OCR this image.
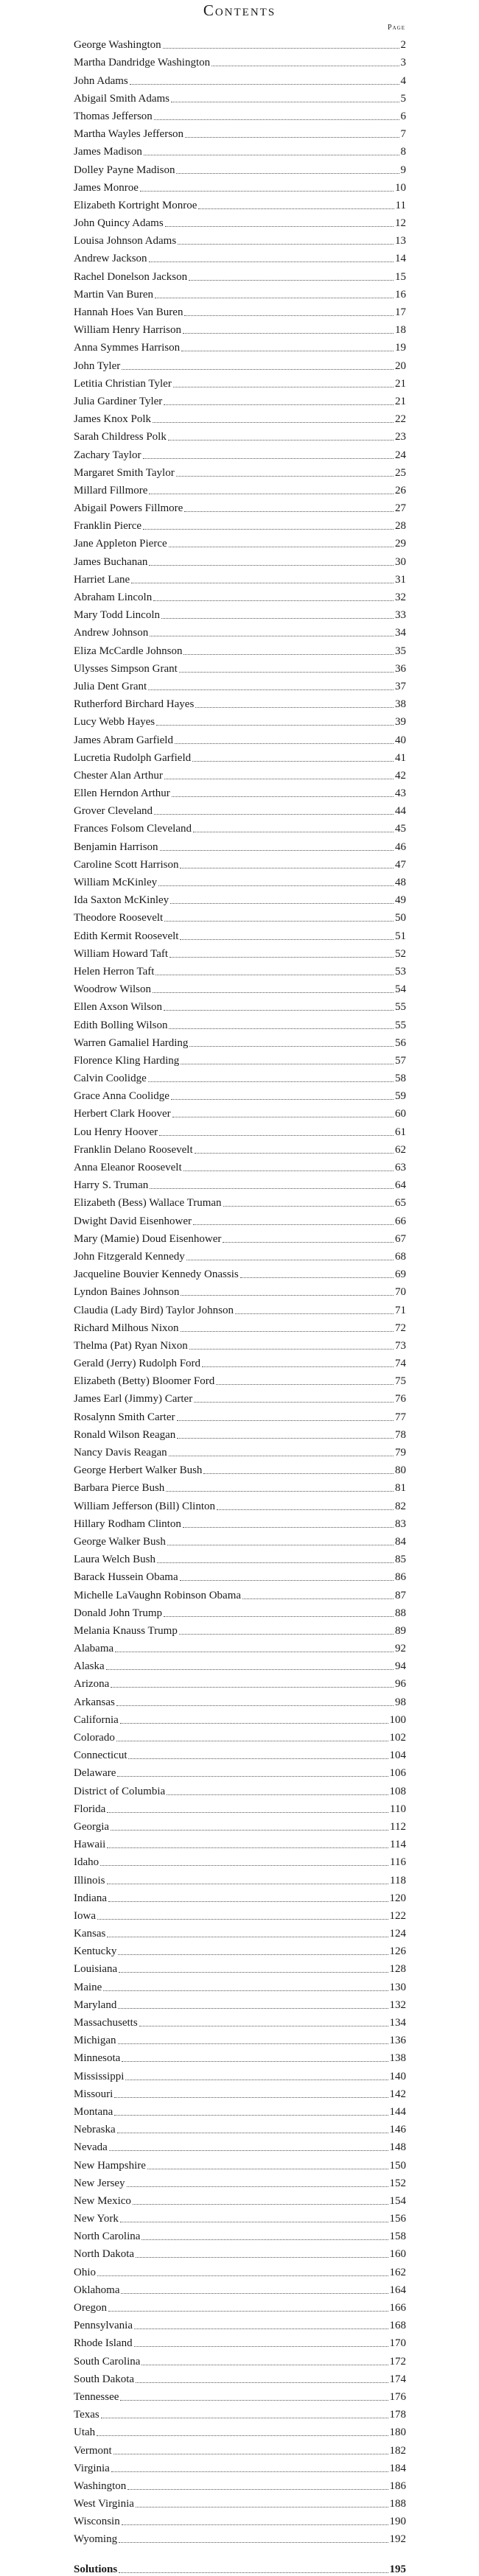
Contents
Page
George Washington	2
Martha Dandridge Washington	3
John Adams	4
Abigail Smith Adams	5
Thomas Jefferson	6
Martha Wayles Jefferson	7
James Madison	8
Dolley Payne Madison	9
James Monroe	10
Elizabeth Kortright Monroe	11
John Quincy Adams	12
Louisa Johnson Adams	13
Andrew Jackson	14
Rachel Donelson Jackson	15
Martin Van Buren	16
Hannah Hoes Van Buren	17
William Henry Harrison	18
Anna Symmes Harrison	19
John Tyler	20
Letitia Christian Tyler	21
Julia Gardiner Tyler	21
James Knox Polk	22
Sarah Childress Polk	23
Zachary Taylor	24
Margaret Smith Taylor	25
Millard Fillmore	26
Abigail Powers Fillmore	27
Franklin Pierce	28
Jane Appleton Pierce	29
James Buchanan	30
Harriet Lane	31
Abraham Lincoln	32
Mary Todd Lincoln	33
Andrew Johnson	34
Eliza McCardle Johnson	35
Ulysses Simpson Grant	36
Julia Dent Grant	37
Rutherford Birchard Hayes	38
Lucy Webb Hayes	39
James Abram Garfield	40
Lucretia Rudolph Garfield	41
Chester Alan Arthur	42
Ellen Herndon Arthur	43
Grover Cleveland	44
Frances Folsom Cleveland	45
Benjamin Harrison	46
Caroline Scott Harrison	47
William McKinley	48
Ida Saxton McKinley	49
Theodore Roosevelt	50
Edith Kermit Roosevelt	51
William Howard Taft	52
Helen Herron Taft	53
Woodrow Wilson	54
Ellen Axson Wilson	55
Edith Bolling Wilson	55
Warren Gamaliel Harding	56
Florence Kling Harding	57
Calvin Coolidge	58
Grace Anna Coolidge	59
Herbert Clark Hoover	60
Lou Henry Hoover	61
Franklin Delano Roosevelt	62
Anna Eleanor Roosevelt	63
Harry S. Truman	64
Elizabeth (Bess) Wallace Truman	65
Dwight David Eisenhower	66
Mary (Mamie) Doud Eisenhower	67
John Fitzgerald Kennedy	68
Jacqueline Bouvier Kennedy Onassis	69
Lyndon Baines Johnson	70
Claudia (Lady Bird) Taylor Johnson	71
Richard Milhous Nixon	72
Thelma (Pat) Ryan Nixon	73
Gerald (Jerry) Rudolph Ford	74
Elizabeth (Betty) Bloomer Ford	75
James Earl (Jimmy) Carter	76
Rosalynn Smith Carter	77
Ronald Wilson Reagan	78
Nancy Davis Reagan	79
George Herbert Walker Bush	80
Barbara Pierce Bush	81
William Jefferson (Bill) Clinton	82
Hillary Rodham Clinton	83
George Walker Bush	84
Laura Welch Bush	85
Barack Hussein Obama	86
Michelle LaVaughn Robinson Obama	87
Donald John Trump	88
Melania Knauss Trump	89
Alabama	92
Alaska	94
Arizona	96
Arkansas	98
California	100
Colorado	102
Connecticut	104
Delaware	106
District of Columbia	108
Florida	110
Georgia	112
Hawaii	114
Idaho	116
Illinois	118
Indiana	120
Iowa	122
Kansas	124
Kentucky	126
Louisiana	128
Maine	130
Maryland	132
Massachusetts	134
Michigan	136
Minnesota	138
Mississippi	140
Missouri	142
Montana	144
Nebraska	146
Nevada	148
New Hampshire	150
New Jersey	152
New Mexico	154
New York	156
North Carolina	158
North Dakota	160
Ohio	162
Oklahoma	164
Oregon	166
Pennsylvania	168
Rhode Island	170
South Carolina	172
South Dakota	174
Tennessee	176
Texas	178
Utah	180
Vermont	182
Virginia	184
Washington	186
West Virginia	188
Wisconsin	190
Wyoming	192
Solutions	195
